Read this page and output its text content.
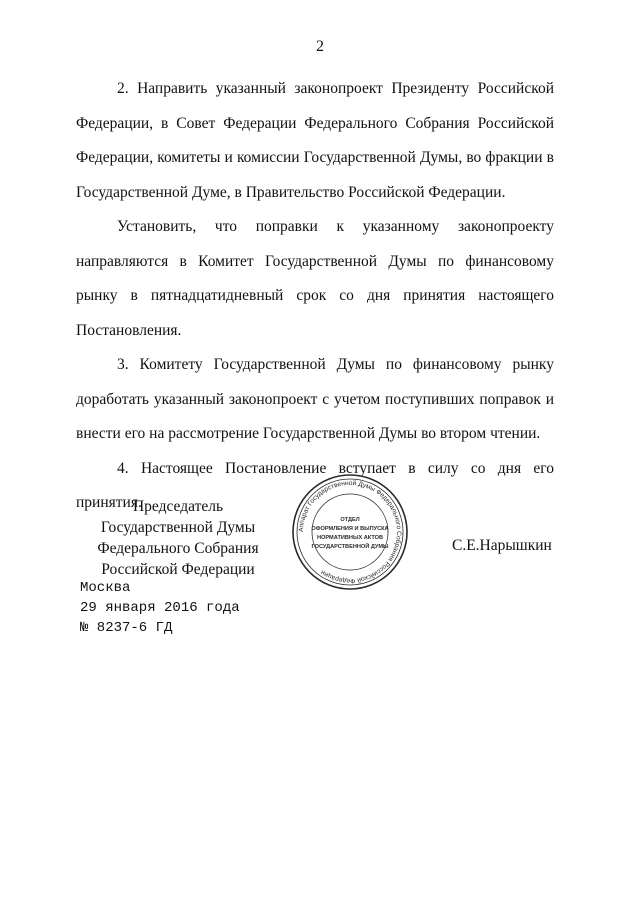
2

2. Направить указанный законопроект Президенту Российской Федерации, в Совет Федерации Федерального Собрания Российской Федерации, комитеты и комиссии Государственной Думы, во фракции в Государственной Думе, в Правительство Российской Федерации.

Установить, что поправки к указанному законопроекту направляются в Комитет Государственной Думы по финансовому рынку в пятнадцатидневный срок со дня принятия настоящего Постановления.

3. Комитету Государственной Думы по финансовому рынку доработать указанный законопроект с учетом поступивших поправок и внести его на рассмотрение Государственной Думы во втором чтении.

4. Настоящее Постановление вступает в силу со дня его принятия.

Председатель Государственной Думы
Федерального Собрания
Российской Федерации
Аппарат Государственной Думы Федерального Собрания Российской Федерации
ОТДЕЛ
ОФОРМЛЕНИЯ И ВЫПУСКА
НОРМАТИВНЫХ АКТОВ
ГОСУДАРСТВЕННОЙ ДУМЫ	С.Е.Нарышкин
Москва
29 января 2016 года
№ 8237-6 ГД
